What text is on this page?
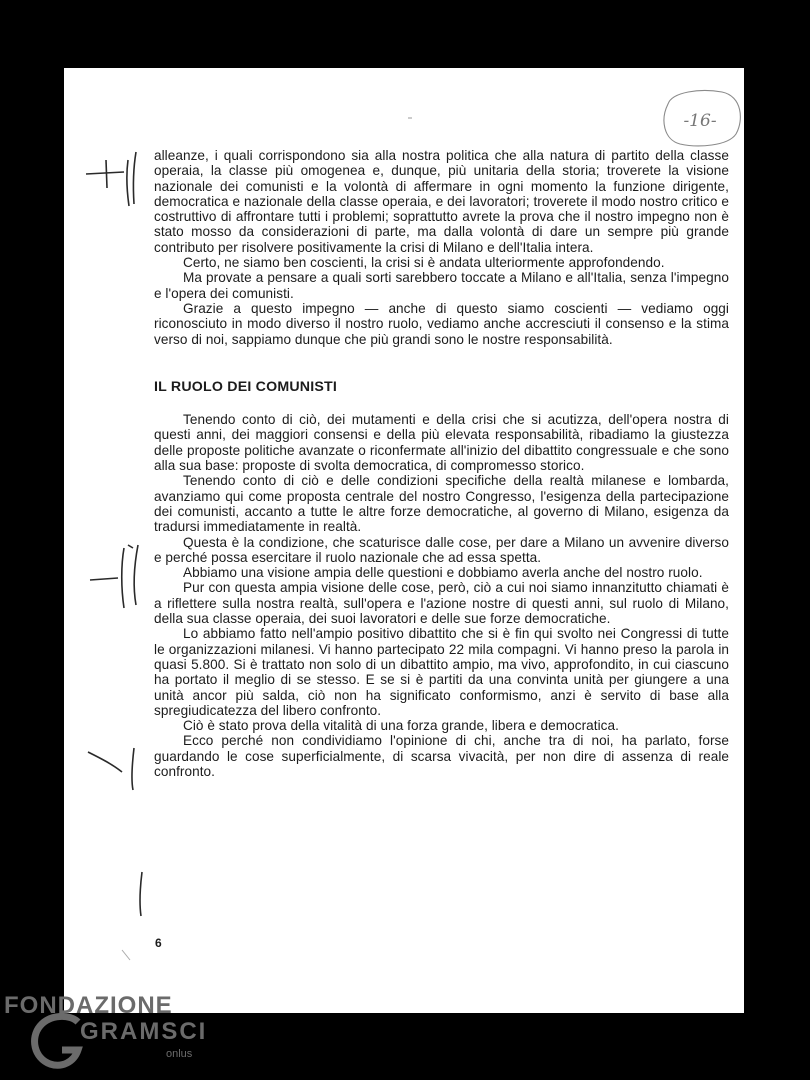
alleanze, i quali corrispondono sia alla nostra politica che alla natura di partito della classe operaia, la classe più omogenea e, dunque, più unitaria della storia; troverete la visione nazionale dei comunisti e la volontà di affermare in ogni momento la funzione dirigente, democratica e nazionale della classe operaia, e dei lavoratori; troverete il modo nostro critico e costruttivo di affrontare tutti i problemi; soprattutto avrete la prova che il nostro impegno non è stato mosso da considerazioni di parte, ma dalla volontà di dare un sempre più grande contributo per risolvere positivamente la crisi di Milano e dell'Italia intera.

Certo, ne siamo ben coscienti, la crisi si è andata ulteriormente approfondendo.

Ma provate a pensare a quali sorti sarebbero toccate a Milano e all'Italia, senza l'impegno e l'opera dei comunisti.

Grazie a questo impegno — anche di questo siamo coscienti — vediamo oggi riconosciuto in modo diverso il nostro ruolo, vediamo anche accresciuti il consenso e la stima verso di noi, sappiamo dunque che più grandi sono le nostre responsabilità.

IL RUOLO DEI COMUNISTI

Tenendo conto di ciò, dei mutamenti e della crisi che si acutizza, dell'opera nostra di questi anni, dei maggiori consensi e della più elevata responsabilità, ribadiamo la giustezza delle proposte politiche avanzate o riconfermate all'inizio del dibattito congressuale e che sono alla sua base: proposte di svolta democratica, di compromesso storico.

Tenendo conto di ciò e delle condizioni specifiche della realtà milanese e lombarda, avanziamo qui come proposta centrale del nostro Congresso, l'esigenza della partecipazione dei comunisti, accanto a tutte le altre forze democratiche, al governo di Milano, esigenza da tradursi immediatamente in realtà.

Questa è la condizione, che scaturisce dalle cose, per dare a Milano un avvenire diverso e perché possa esercitare il ruolo nazionale che ad essa spetta.

Abbiamo una visione ampia delle questioni e dobbiamo averla anche del nostro ruolo.

Pur con questa ampia visione delle cose, però, ciò a cui noi siamo innanzitutto chiamati è a riflettere sulla nostra realtà, sull'opera e l'azione nostre di questi anni, sul ruolo di Milano, della sua classe operaia, dei suoi lavoratori e delle sue forze democratiche.

Lo abbiamo fatto nell'ampio positivo dibattito che si è fin qui svolto nei Congressi di tutte le organizzazioni milanesi. Vi hanno partecipato 22 mila compagni. Vi hanno preso la parola in quasi 5.800. Si è trattato non solo di un dibattito ampio, ma vivo, approfondito, in cui ciascuno ha portato il meglio di se stesso. E se si è partiti da una convinta unità per giungere a una unità ancor più salda, ciò non ha significato conformismo, anzi è servito di base alla spregiudicatezza del libero confronto.

Ciò è stato prova della vitalità di una forza grande, libera e democratica.

Ecco perché non condividiamo l'opinione di chi, anche tra di noi, ha parlato, forse guardando le cose superficialmente, di scarsa vivacità, per non dire di assenza di reale confronto.

6
-16-
FONDAZIONE
GRAMSCI
onlus
